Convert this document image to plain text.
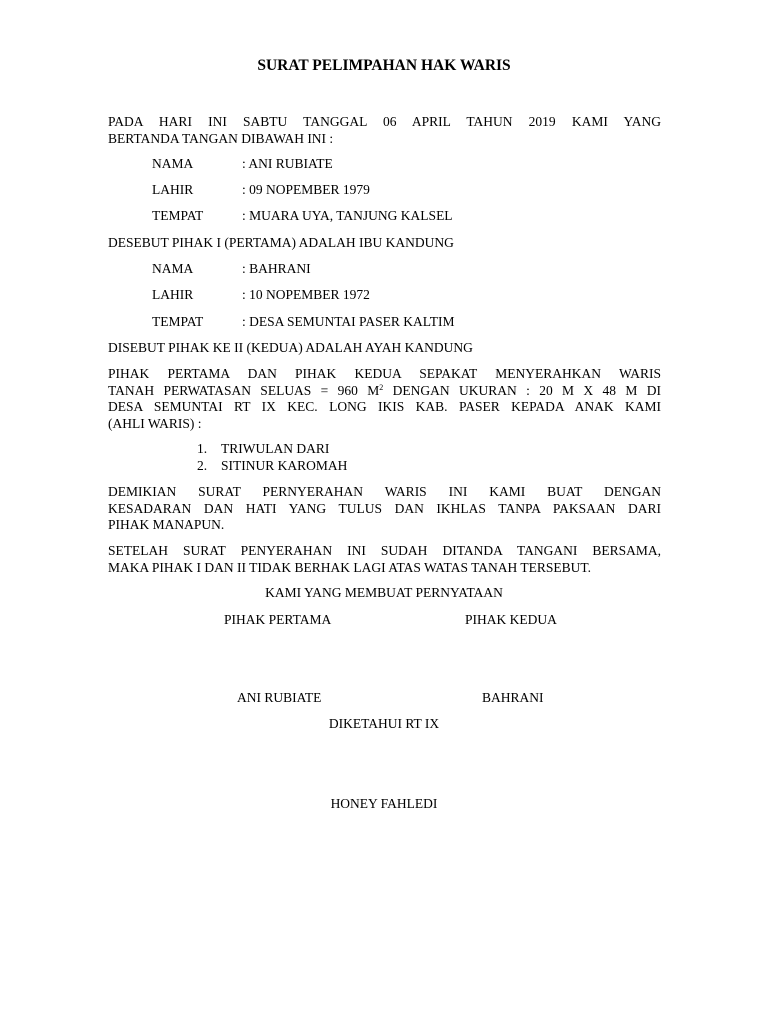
SURAT PELIMPAHAN HAK WARIS
PADA HARI INI SABTU TANGGAL 06 APRIL TAHUN 2019 KAMI YANG
BERTANDA TANGAN DIBAWAH INI :
NAMA	: ANI RUBIATE
LAHIR	: 09 NOPEMBER 1979
TEMPAT	: MUARA UYA, TANJUNG KALSEL
DESEBUT PIHAK I (PERTAMA) ADALAH IBU KANDUNG
NAMA	: BAHRANI
LAHIR	: 10 NOPEMBER 1972
TEMPAT	: DESA SEMUNTAI PASER KALTIM
DISEBUT PIHAK KE II (KEDUA) ADALAH AYAH KANDUNG
PIHAK PERTAMA DAN PIHAK KEDUA SEPAKAT MENYERAHKAN WARIS
TANAH PERWATASAN SELUAS = 960 $M^2$ DENGAN UKURAN : 20 M X 48 M DI
DESA SEMUNTAI RT IX KEC. LONG IKIS KAB. PASER KEPADA ANAK KAMI
(AHLI WARIS) :
1. TRIWULAN DARI
2. SITINUR KAROMAH
DEMIKIAN SURAT PERNYERAHAN WARIS INI KAMI BUAT DENGAN
KESADARAN DAN HATI YANG TULUS DAN IKHLAS TANPA PAKSAAN DARI
PIHAK MANAPUN.
SETELAH SURAT PENYERAHAN INI SUDAH DITANDA TANGANI BERSAMA,
MAKA PIHAK I DAN II TIDAK BERHAK LAGI ATAS WATAS TANAH TERSEBUT.
KAMI YANG MEMBUAT PERNYATAAN
PIHAK PERTAMA	PIHAK KEDUA
ANI RUBIATE	BAHRANI
DIKETAHUI RT IX
HONEY FAHLEDI
